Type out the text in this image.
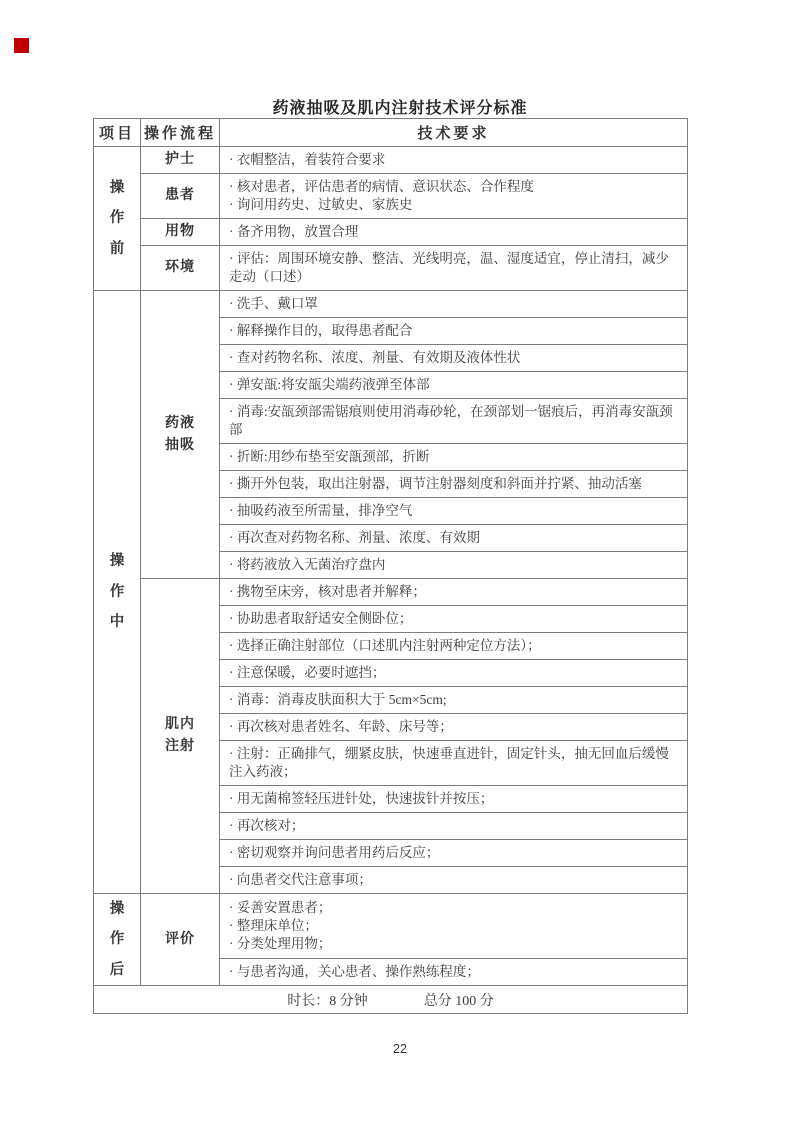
药液抽吸及肌内注射技术评分标准
项目	操作流程	技术要求
操作前	护士	· 衣帽整洁，着装符合要求

	患者	· 核对患者，评估患者的病情、意识状态、合作程度
· 询问用药史、过敏史、家族史

	用物	· 备齐用物，放置合理

	环境	· 评估：周围环境安静、整洁、光线明亮，温、湿度适宜，停止清扫，减少走动（口述）

操作中	药液抽吸	· 洗手、戴口罩

		· 解释操作目的，取得患者配合

		· 查对药物名称、浓度、剂量、有效期及液体性状

		· 弹安瓿:将安瓿尖端药液弹至体部

		· 消毒:安瓿颈部需锯痕则使用消毒砂轮，在颈部划一锯痕后，再消毒安瓿颈部

		· 折断:用纱布垫至安瓿颈部，折断

		· 撕开外包装，取出注射器，调节注射器刻度和斜面并拧紧、抽动活塞

		· 抽吸药液至所需量，排净空气

		· 再次查对药物名称、剂量、浓度、有效期

		· 将药液放入无菌治疗盘内

	肌内注射	· 携物至床旁，核对患者并解释；

		· 协助患者取舒适安全侧卧位；

		· 选择正确注射部位（口述肌内注射两种定位方法）；

		· 注意保暖，必要时遮挡；

		· 消毒：消毒皮肤面积大于 5cm×5cm;

		· 再次核对患者姓名、年龄、床号等；

		· 注射：正确排气，绷紧皮肤，快速垂直进针，固定针头，抽无回血后缓慢注入药液；

		· 用无菌棉签轻压进针处，快速拔针并按压；

		· 再次核对；

		· 密切观察并询问患者用药后反应；

		· 向患者交代注意事项；

操作后	评价	· 妥善安置患者；
· 整理床单位；
· 分类处理用物；

		· 与患者沟通，关心患者、操作熟练程度；

时长：8 分钟 总分 100 分		
22
